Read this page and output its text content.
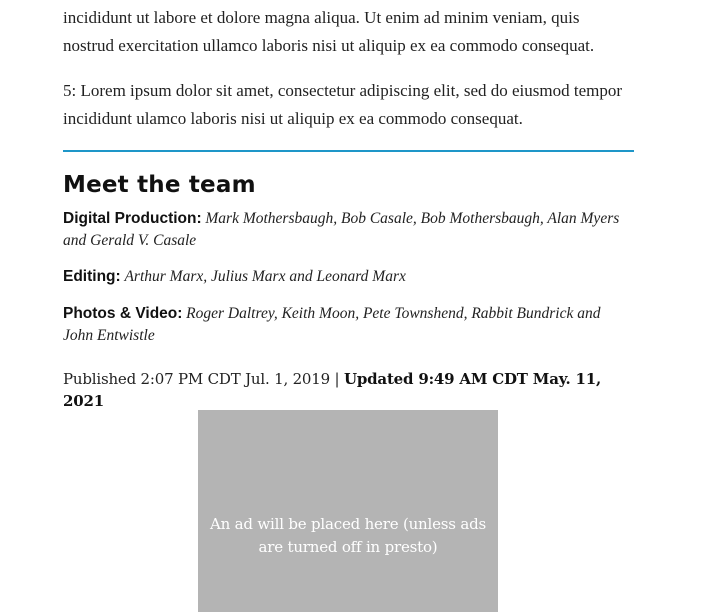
incididunt ut labore et dolore magna aliqua. Ut enim ad minim veniam, quis nostrud exercitation ullamco laboris nisi ut aliquip ex ea commodo consequat.

5: Lorem ipsum dolor sit amet, consectetur adipiscing elit, sed do eiusmod tempor incididunt ulamco laboris nisi ut aliquip ex ea commodo consequat.

Meet the team

Digital Production: Mark Mothersbaugh, Bob Casale, Bob Mothersbaugh, Alan Myers and Gerald V. Casale

Editing: Arthur Marx, Julius Marx and Leonard Marx

Photos & Video: Roger Daltrey, Keith Moon, Pete Townshend, Rabbit Bundrick and John Entwistle

Published 2:07 PM CDT Jul. 1, 2019 | Updated 9:49 AM CDT May. 11, 2021

An ad will be placed here (unless ads are turned off in presto)
